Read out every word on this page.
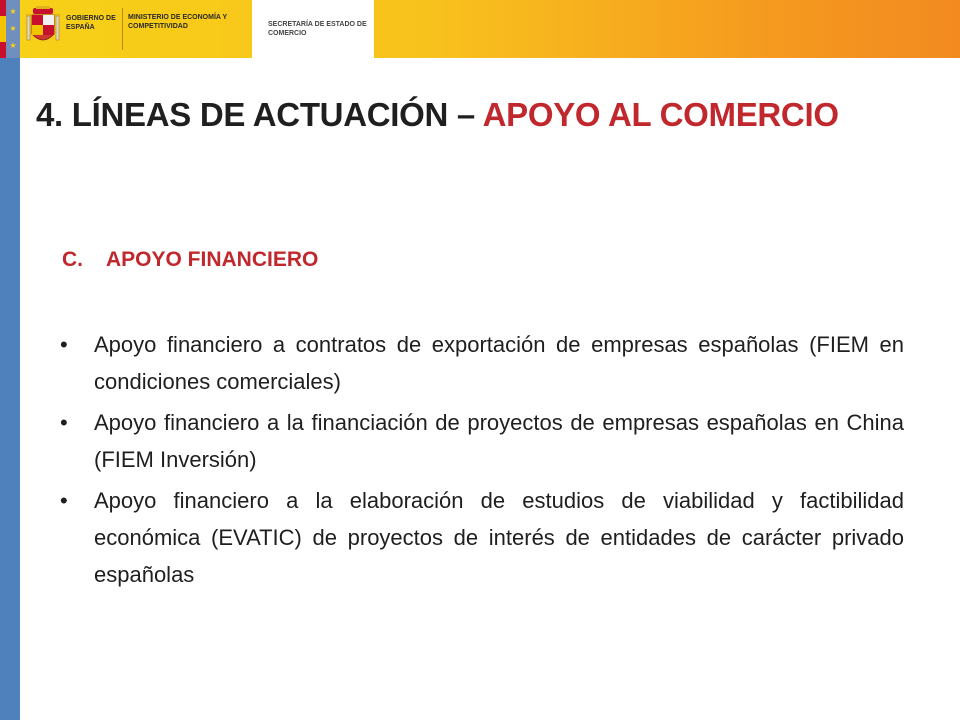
★
★
★
GOBIERNO DE ESPAÑA
MINISTERIO DE ECONOMÍA Y COMPETITIVIDAD	SECRETARÍA DE ESTADO DE COMERCIO
4. LÍNEAS DE ACTUACIÓN – APOYO AL COMERCIO
C. APOYO FINANCIERO
• Apoyo financiero a contratos de exportación de empresas españolas (FIEM en condiciones comerciales)
• Apoyo financiero a la financiación de proyectos de empresas españolas en China (FIEM Inversión)
• Apoyo financiero a la elaboración de estudios de viabilidad y factibilidad económica (EVATIC) de proyectos de interés de entidades de carácter privado españolas
